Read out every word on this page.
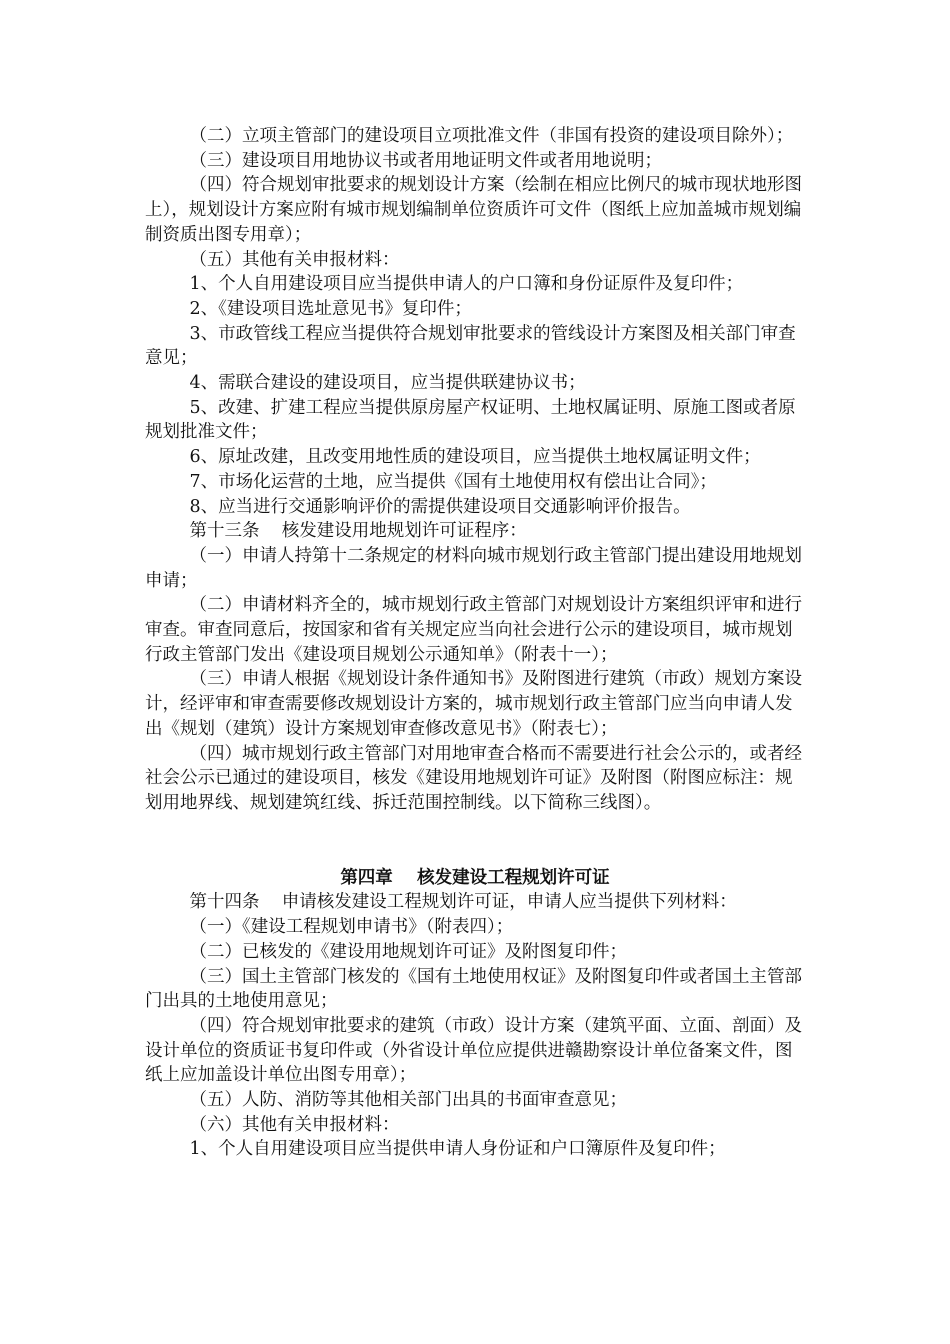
（二）立项主管部门的建设项目立项批准文件（非国有投资的建设项目除外）；

（三）建设项目用地协议书或者用地证明文件或者用地说明；

（四）符合规划审批要求的规划设计方案（绘制在相应比例尺的城市现状地形图上），规划设计方案应附有城市规划编制单位资质许可文件（图纸上应加盖城市规划编制资质出图专用章）；

（五）其他有关申报材料：

1、个人自用建设项目应当提供申请人的户口簿和身份证原件及复印件；

2、《建设项目选址意见书》复印件；

3、市政管线工程应当提供符合规划审批要求的管线设计方案图及相关部门审查意见；

4、需联合建设的建设项目，应当提供联建协议书；

5、改建、扩建工程应当提供原房屋产权证明、土地权属证明、原施工图或者原规划批准文件；

6、原址改建，且改变用地性质的建设项目，应当提供土地权属证明文件；

7、市场化运营的土地，应当提供《国有土地使用权有偿出让合同》；

8、应当进行交通影响评价的需提供建设项目交通影响评价报告。

第十三条    核发建设用地规划许可证程序：

（一）申请人持第十二条规定的材料向城市规划行政主管部门提出建设用地规划申请；

（二）申请材料齐全的，城市规划行政主管部门对规划设计方案组织评审和进行审查。审查同意后，按国家和省有关规定应当向社会进行公示的建设项目，城市规划行政主管部门发出《建设项目规划公示通知单》（附表十一）；

（三）申请人根据《规划设计条件通知书》及附图进行建筑（市政）规划方案设计，经评审和审查需要修改规划设计方案的，城市规划行政主管部门应当向申请人发出《规划（建筑）设计方案规划审查修改意见书》（附表七）；

（四）城市规划行政主管部门对用地审查合格而不需要进行社会公示的，或者经社会公示已通过的建设项目，核发《建设用地规划许可证》及附图（附图应标注：规划用地界线、规划建筑红线、拆迁范围控制线。以下简称三线图）。

第四章    核发建设工程规划许可证

第十四条    申请核发建设工程规划许可证，申请人应当提供下列材料：

（一）《建设工程规划申请书》（附表四）；

（二）已核发的《建设用地规划许可证》及附图复印件；

（三）国土主管部门核发的《国有土地使用权证》及附图复印件或者国土主管部门出具的土地使用意见；

（四）符合规划审批要求的建筑（市政）设计方案（建筑平面、立面、剖面）及设计单位的资质证书复印件或（外省设计单位应提供进赣勘察设计单位备案文件，图纸上应加盖设计单位出图专用章）；

（五）人防、消防等其他相关部门出具的书面审查意见；

（六）其他有关申报材料：

1、个人自用建设项目应当提供申请人身份证和户口簿原件及复印件；
